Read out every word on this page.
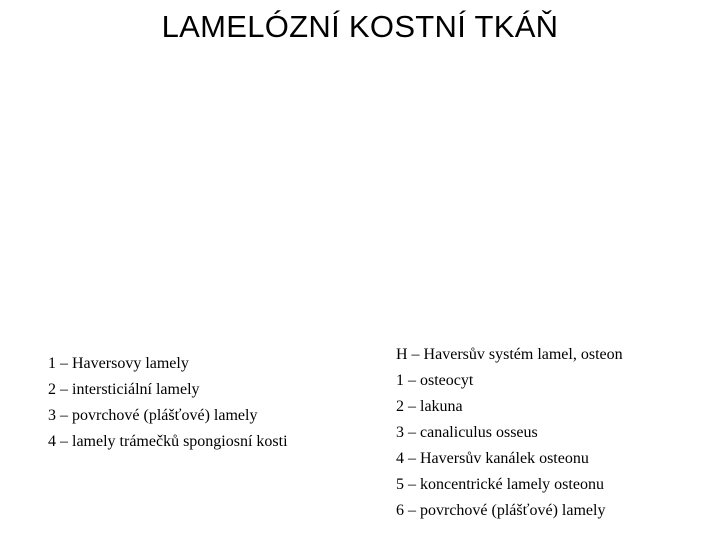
LAMELÓZNÍ KOSTNÍ TKÁŇ
1 – Haversovy lamely
2 – intersticiální lamely
3 – povrchové (plášťové) lamely
4 – lamely trámečků spongiosní kosti
H – Haversův systém lamel, osteon
1 – osteocyt
2 – lakuna
3 – canaliculus osseus
4 – Haversův kanálek osteonu
5 – koncentrické lamely osteonu
6 – povrchové (plášťové) lamely
